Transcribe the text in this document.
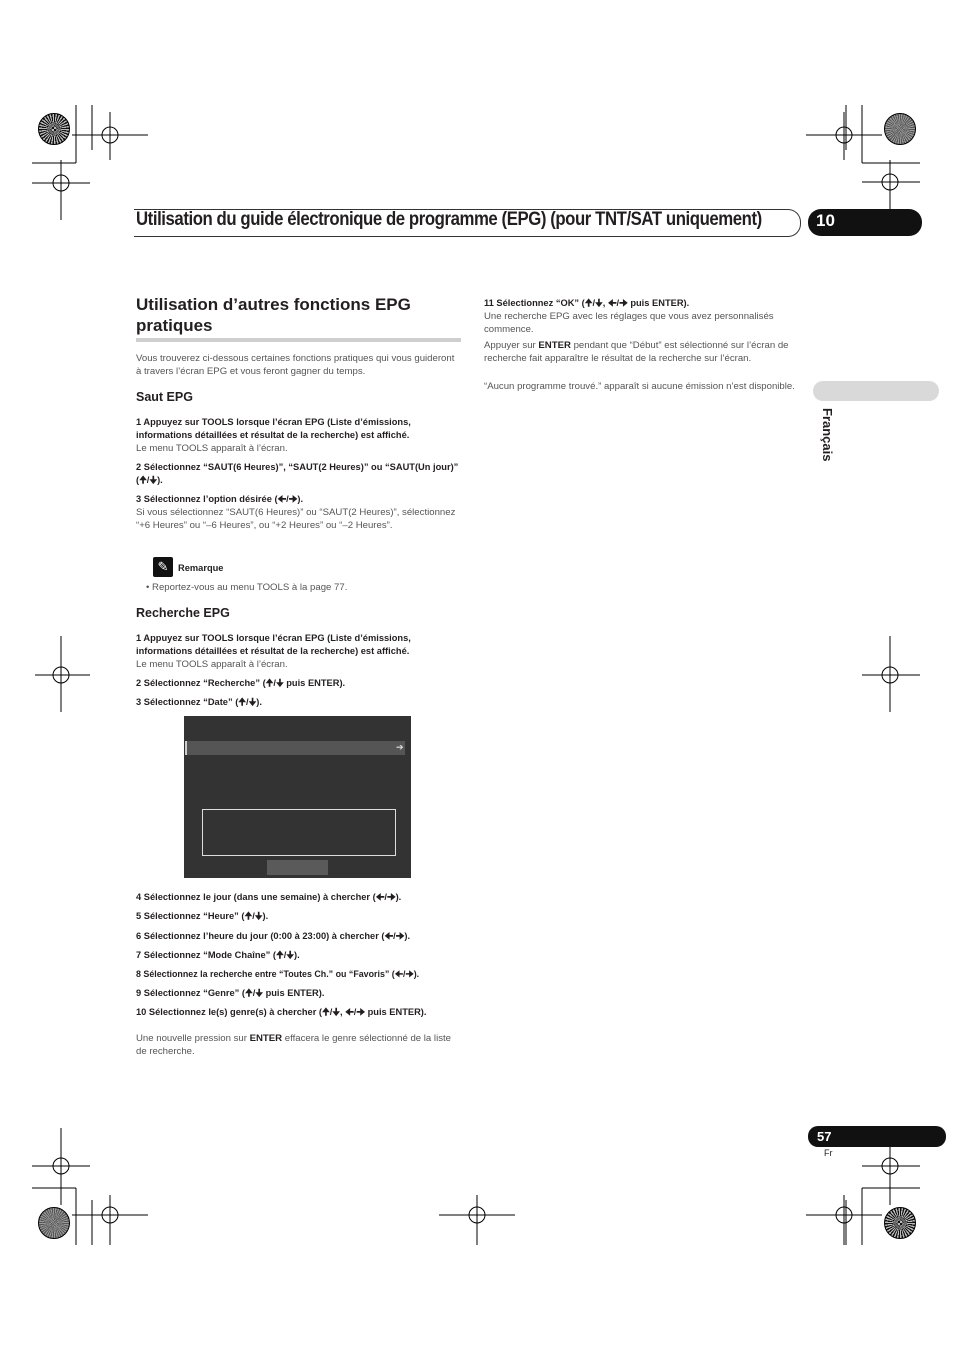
Utilisation du guide électronique de programme (EPG) (pour TNT/SAT uniquement)	10
Français
57
Fr
Utilisation d’autres fonctions EPG pratiques
Vous trouverez ci-dessous certaines fonctions pratiques qui vous guideront à travers l’écran EPG et vous feront gagner du temps.
Saut EPG
1 Appuyez sur TOOLS lorsque l’écran EPG (Liste d’émissions, informations détaillées et résultat de la recherche) est affiché.
Le menu TOOLS apparaît à l’écran.
2 Sélectionnez “SAUT(6 Heures)”, “SAUT(2 Heures)” ou “SAUT(Un jour)” (🠉/🠋).
3 Sélectionnez l’option désirée (🠈/🠊).
Si vous sélectionnez “SAUT(6 Heures)” ou “SAUT(2 Heures)”, sélectionnez “+6 Heures” ou “–6 Heures”, ou “+2 Heures” ou “–2 Heures”.
✎	Remarque
• Reportez-vous au menu TOOLS à la page 77.
Recherche EPG
1 Appuyez sur TOOLS lorsque l’écran EPG (Liste d’émissions, informations détaillées et résultat de la recherche) est affiché.
Le menu TOOLS apparaît à l’écran.
2 Sélectionnez “Recherche” (🠉/🠋 puis ENTER).
3 Sélectionnez “Date” (🠉/🠋).
➔
4 Sélectionnez le jour (dans une semaine) à chercher (🠈/🠊).
5 Sélectionnez “Heure” (🠉/🠋).
6 Sélectionnez l’heure du jour (0:00 à 23:00) à chercher (🠈/🠊).
7 Sélectionnez “Mode Chaîne” (🠉/🠋).
8 Sélectionnez la recherche entre “Toutes Ch.” ou “Favoris” (🠈/🠊).
9 Sélectionnez “Genre” (🠉/🠋 puis ENTER).
10 Sélectionnez le(s) genre(s) à chercher (🠉/🠋, 🠈/🠊 puis ENTER).
Une nouvelle pression sur ENTER effacera le genre sélectionné de la liste de recherche.
11 Sélectionnez “OK” (🠉/🠋, 🠈/🠊 puis ENTER).
Une recherche EPG avec les réglages que vous avez personnalisés commence.
Appuyer sur ENTER pendant que “Début” est sélectionné sur l’écran de recherche fait apparaître le résultat de la recherche sur l’écran.
“Aucun programme trouvé.” apparaît si aucune émission n’est disponible.
